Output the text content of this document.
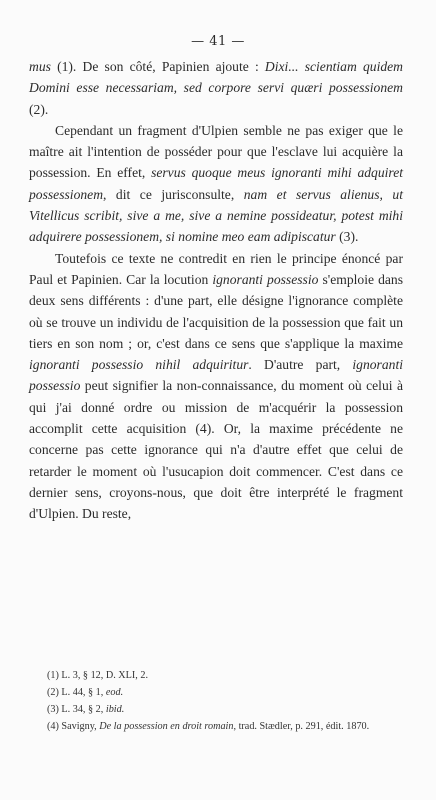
— 41 —

mus (1). De son côté, Papinien ajoute : Dixi... scientiam quidem Domini esse necessariam, sed corpore servi quæri possessionem (2).

Cependant un fragment d'Ulpien semble ne pas exiger que le maître ait l'intention de posséder pour que l'esclave lui acquière la possession. En effet, servus quoque meus ignoranti mihi adquiret possessionem, dit ce jurisconsulte, nam et servus alienus, ut Vitellicus scribit, sive a me, sive a nemine possideatur, potest mihi adquirere possessionem, si nomine meo eam adipiscatur (3).

Toutefois ce texte ne contredit en rien le principe énoncé par Paul et Papinien. Car la locution ignoranti possessio s'emploie dans deux sens différents : d'une part, elle désigne l'ignorance complète où se trouve un individu de l'acquisition de la possession que fait un tiers en son nom ; or, c'est dans ce sens que s'applique la maxime ignoranti possessio nihil adquiritur. D'autre part, ignoranti possessio peut signifier la non-connaissance, du moment où celui à qui j'ai donné ordre ou mission de m'acquérir la possession accomplit cette acquisition (4). Or, la maxime précédente ne concerne pas cette ignorance qui n'a d'autre effet que celui de retarder le moment où l'usucapion doit commencer. C'est dans ce dernier sens, croyons-nous, que doit être interprété le fragment d'Ulpien. Du reste,

(1) L. 3, § 12, D. XLI, 2.

(2) L. 44, § 1, eod.

(3) L. 34, § 2, ibid.

(4) Savigny, De la possession en droit romain, trad. Stædler, p. 291, édit. 1870.
